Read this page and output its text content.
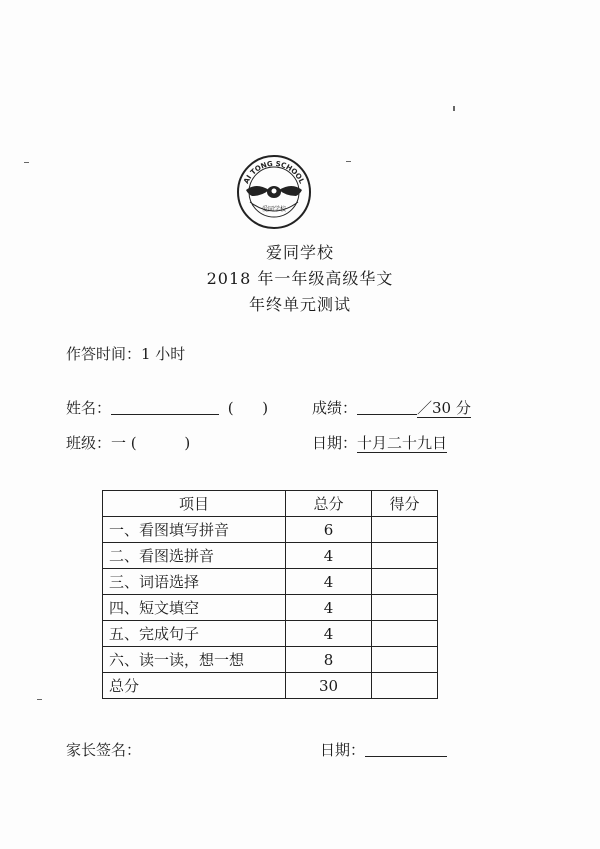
AI TONG SCHOOL
爱同学校
爱同学校
2018 年一年级高级华文
年终单元测试
作答时间：1 小时
姓名：	(      )	成绩：	／30 分
班级：一 (          )	日期：十月二十九日
项目	总分	得分
一、看图填写拼音	6	
二、看图选拼音	4	
三、词语选择	4	
四、短文填空	4	
五、完成句子	4	
六、读一读，想一想	8	
总分	30	
家长签名：	日期：
